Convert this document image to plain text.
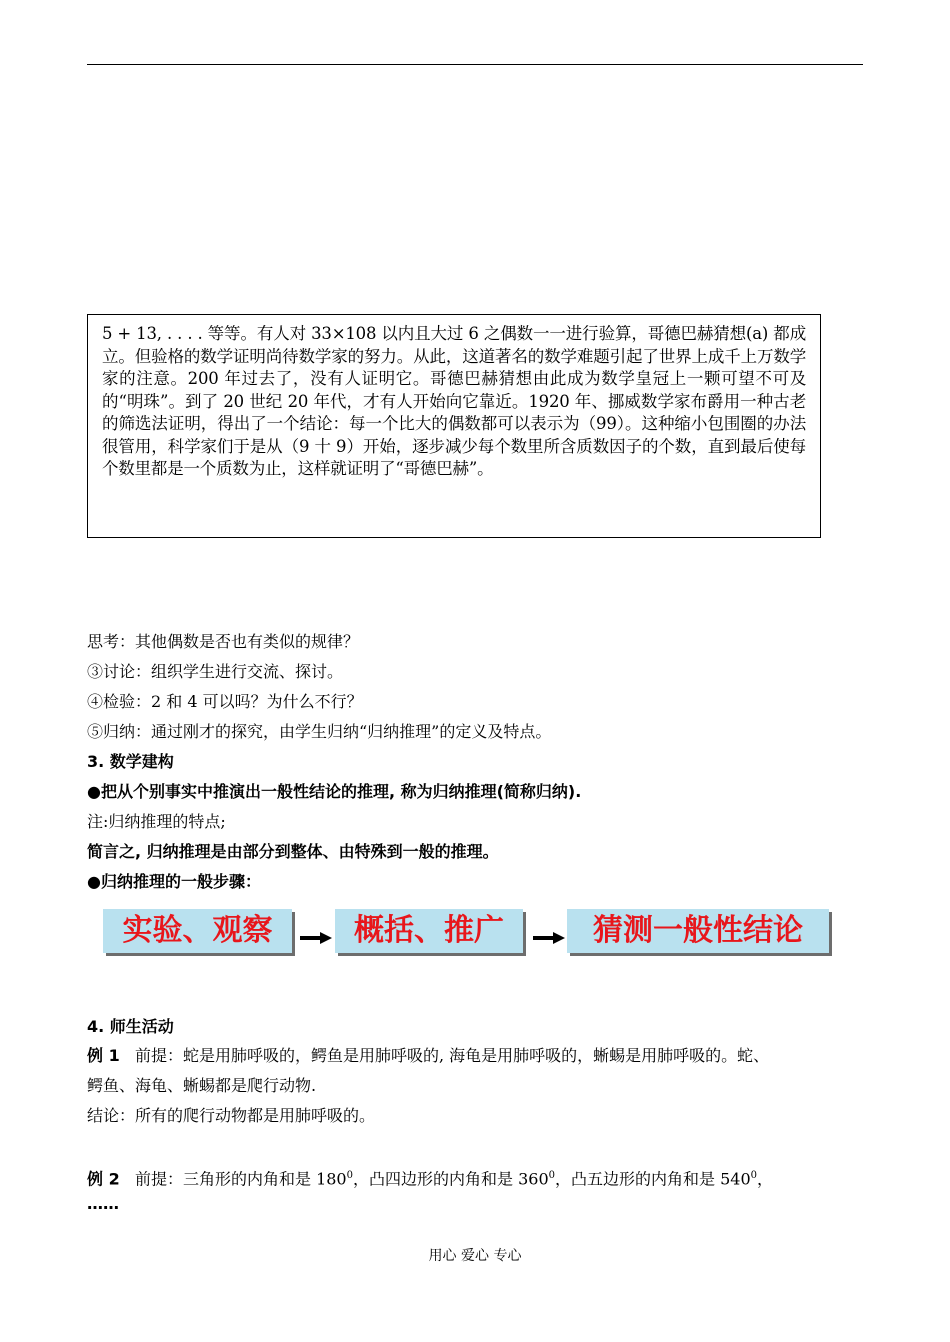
5 + 13, . . . . 等等。有人对 33×108 以内且大过 6 之偶数一一进行验算，哥德巴赫猜想(a) 都成立。但验格的数学证明尚待数学家的努力。从此，这道著名的数学难题引起了世界上成千上万数学家的注意。200 年过去了，没有人证明它。哥德巴赫猜想由此成为数学皇冠上一颗可望不可及的“明珠”。到了 20 世纪 20 年代，才有人开始向它靠近。1920 年、挪威数学家布爵用一种古老的筛选法证明，得出了一个结论：每一个比大的偶数都可以表示为（99）。这种缩小包围圈的办法很管用，科学家们于是从（9 十 9）开始，逐步减少每个数里所含质数因子的个数，直到最后使每个数里都是一个质数为止，这样就证明了“哥德巴赫”。

思考：其他偶数是否也有类似的规律？
③讨论：组织学生进行交流、探讨。
④检验：2 和 4 可以吗？为什么不行？
⑤归纳：通过刚才的探究，由学生归纳“归纳推理”的定义及特点。
3. 数学建构
●把从个别事实中推演出一般性结论的推理, 称为归纳推理(简称归纳).
注:归纳推理的特点;
简言之, 归纳推理是由部分到整体、由特殊到一般的推理。
●归纳推理的一般步骤：
实验、观察	概括、推广	猜测一般性结论
4. 师生活动
例 1 前提：蛇是用肺呼吸的，鳄鱼是用肺呼吸的, 海龟是用肺呼吸的，蜥蜴是用肺呼吸的。蛇、
鳄鱼、海龟、蜥蜴都是爬行动物.
结论：所有的爬行动物都是用肺呼吸的。
例 2 前提：三角形的内角和是 $180^0$，凸四边形的内角和是 $360^0$，凸五边形的内角和是 $540^0$，
……
用心 爱心 专心
